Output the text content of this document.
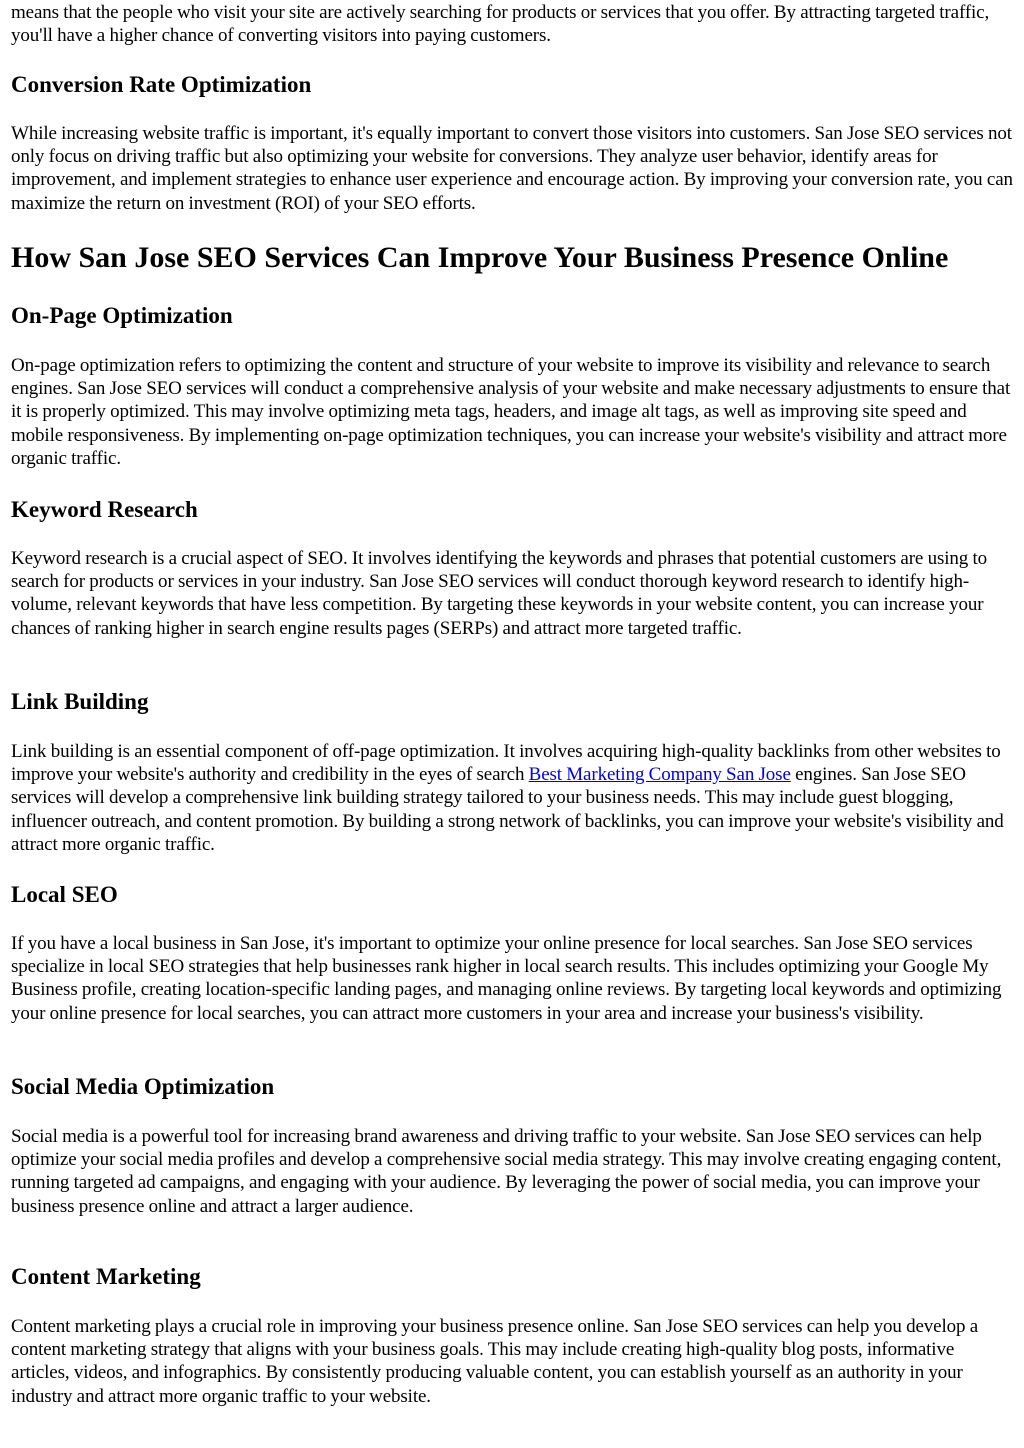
means that the people who visit your site are actively searching for products or services that you offer. By attracting targeted traffic, you'll have a higher chance of converting visitors into paying customers.

Conversion Rate Optimization

While increasing website traffic is important, it's equally important to convert those visitors into customers. San Jose SEO services not only focus on driving traffic but also optimizing your website for conversions. They analyze user behavior, identify areas for improvement, and implement strategies to enhance user experience and encourage action. By improving your conversion rate, you can maximize the return on investment (ROI) of your SEO efforts.

How San Jose SEO Services Can Improve Your Business Presence Online
On-Page Optimization

On-page optimization refers to optimizing the content and structure of your website to improve its visibility and relevance to search engines. San Jose SEO services will conduct a comprehensive analysis of your website and make necessary adjustments to ensure that it is properly optimized. This may involve optimizing meta tags, headers, and image alt tags, as well as improving site speed and mobile responsiveness. By implementing on-page optimization techniques, you can increase your website's visibility and attract more organic traffic.

Keyword Research

Keyword research is a crucial aspect of SEO. It involves identifying the keywords and phrases that potential customers are using to search for products or services in your industry. San Jose SEO services will conduct thorough keyword research to identify high-volume, relevant keywords that have less competition. By targeting these keywords in your website content, you can increase your chances of ranking higher in search engine results pages (SERPs) and attract more targeted traffic.

Link Building

Link building is an essential component of off-page optimization. It involves acquiring high-quality backlinks from other websites to improve your website's authority and credibility in the eyes of search Best Marketing Company San Jose engines. San Jose SEO services will develop a comprehensive link building strategy tailored to your business needs. This may include guest blogging, influencer outreach, and content promotion. By building a strong network of backlinks, you can improve your website's visibility and attract more organic traffic.

Local SEO

If you have a local business in San Jose, it's important to optimize your online presence for local searches. San Jose SEO services specialize in local SEO strategies that help businesses rank higher in local search results. This includes optimizing your Google My Business profile, creating location-specific landing pages, and managing online reviews. By targeting local keywords and optimizing your online presence for local searches, you can attract more customers in your area and increase your business's visibility.

Social Media Optimization

Social media is a powerful tool for increasing brand awareness and driving traffic to your website. San Jose SEO services can help optimize your social media profiles and develop a comprehensive social media strategy. This may involve creating engaging content, running targeted ad campaigns, and engaging with your audience. By leveraging the power of social media, you can improve your business presence online and attract a larger audience.

Content Marketing

Content marketing plays a crucial role in improving your business presence online. San Jose SEO services can help you develop a content marketing strategy that aligns with your business goals. This may include creating high-quality blog posts, informative articles, videos, and infographics. By consistently producing valuable content, you can establish yourself as an authority in your industry and attract more organic traffic to your website.
